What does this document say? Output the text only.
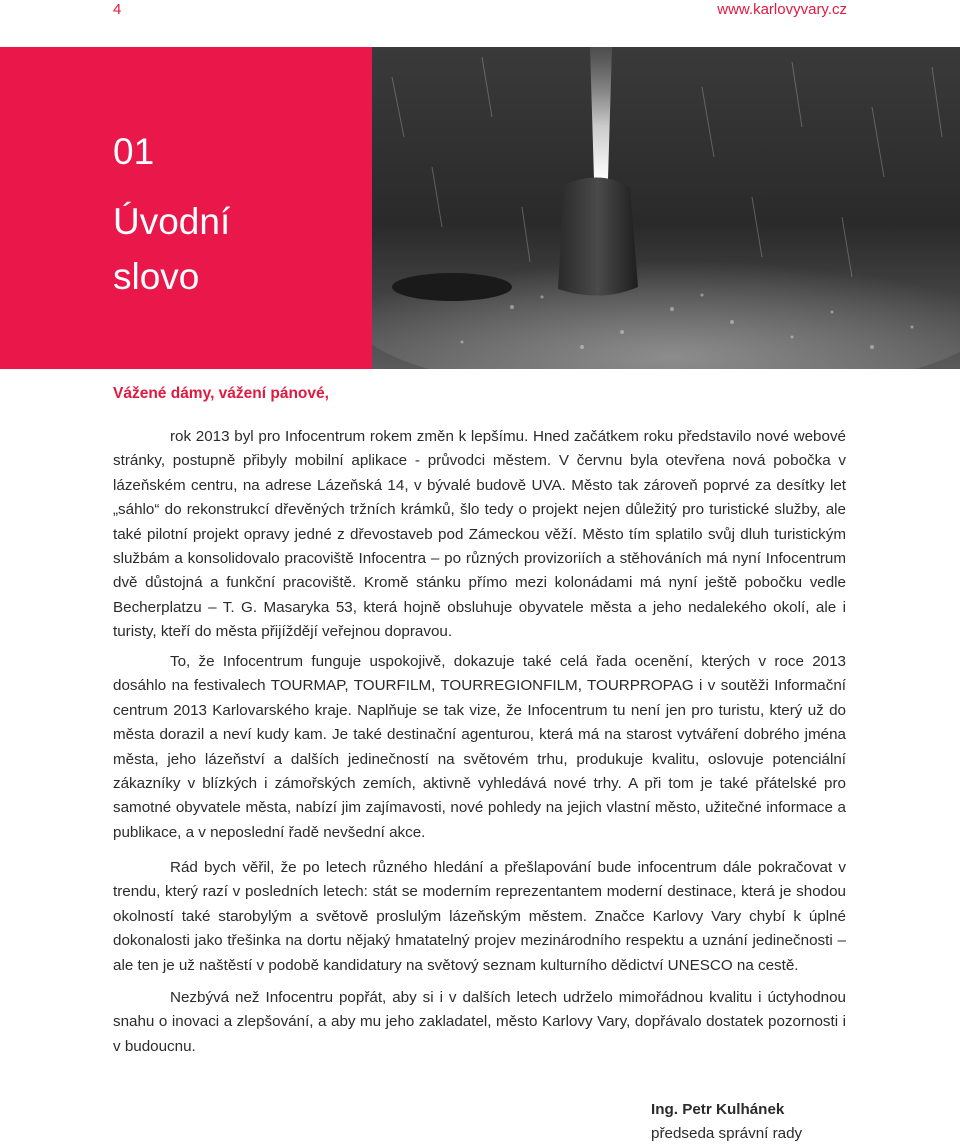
4	www.karlovyvary.cz
01
Úvodní
slovo
Vážené dámy, vážení pánové,

rok 2013 byl pro Infocentrum rokem změn k lepšímu. Hned začátkem roku představilo nové webové stránky, postupně přibyly mobilní aplikace - průvodci městem. V červnu byla otevřena nová pobočka v lázeňském centru, na adrese Lázeňská 14, v bývalé budově UVA. Město tak zároveň poprvé za desítky let „sáhlo“ do rekonstrukcí dřevěných tržních krámků, šlo tedy o projekt nejen důležitý pro turistické služby, ale také pilotní projekt opravy jedné z dřevostaveb pod Zámeckou věží. Město tím splatilo svůj dluh turistickým službám a konsolidovalo pracoviště Infocentra – po různých provizoriích a stěhováních má nyní Infocentrum dvě důstojná a funkční pracoviště. Kromě stánku přímo mezi kolonádami má nyní ještě pobočku vedle Becherplatzu – T. G. Masaryka 53, která hojně obsluhuje obyvatele města a jeho nedalekého okolí, ale i turisty, kteří do města přijíždějí veřejnou dopravou.

To, že Infocentrum funguje uspokojivě, dokazuje také celá řada ocenění, kterých v roce 2013 dosáhlo na festivalech TOURMAP, TOURFILM, TOURREGIONFILM, TOURPROPAG i v soutěži Informační centrum 2013 Karlovarského kraje. Naplňuje se tak vize, že Infocentrum tu není jen pro turistu, který už do města dorazil a neví kudy kam. Je také destinační agenturou, která má na starost vytváření dobrého jména města, jeho lázeňství a dalších jedinečností na světovém trhu, produkuje kvalitu, oslovuje potenciální zákazníky v blízkých i zámořských zemích, aktivně vyhledává nové trhy. A při tom je také přátelské pro samotné obyvatele města, nabízí jim zajímavosti, nové pohledy na jejich vlastní město, užitečné informace a publikace, a v neposlední řadě nevšední akce.

Rád bych věřil, že po letech různého hledání a přešlapování bude infocentrum dále pokračovat v trendu, který razí v posledních letech: stát se moderním reprezentantem moderní destinace, která je shodou okolností také starobylým a světově proslulým lázeňským městem. Značce Karlovy Vary chybí k úplné dokonalosti jako třešinka na dortu nějaký hmatatelný projev mezinárodního respektu a uznání jedinečnosti – ale ten je už naštěstí v podobě kandidatury na světový seznam kulturního dědictví UNESCO na cestě.

Nezbývá než Infocentru popřát, aby si i v dalších letech udrželo mimořádnou kvalitu i úctyhodnou snahu o inovaci a zlepšování, a aby mu jeho zakladatel, město Karlovy Vary, dopřávalo dostatek pozornosti i v budoucnu.

Ing. Petr Kulhánek
předseda správní rady
